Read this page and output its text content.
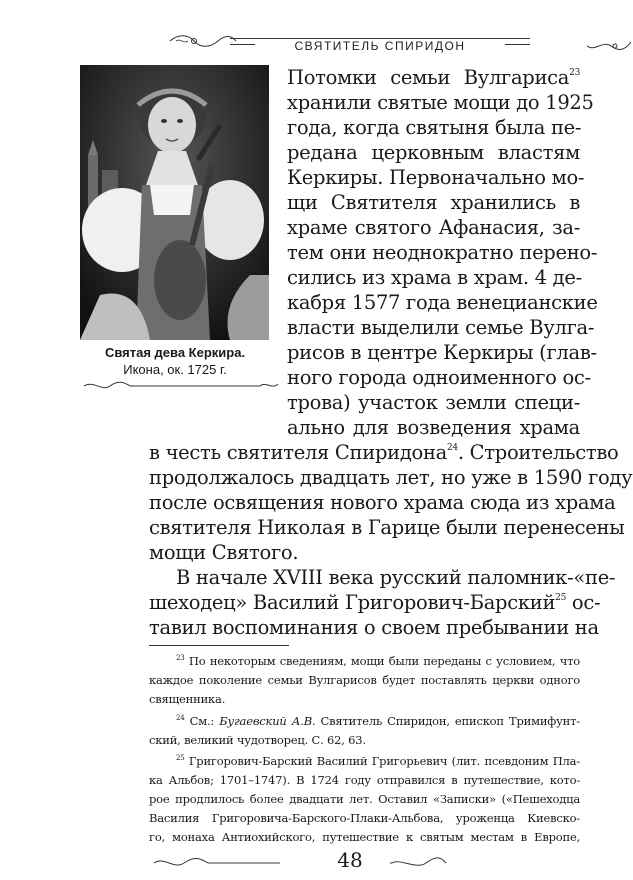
СВЯТИТЕЛЬ СПИРИДОН
Святая дева Керкира.
Икона, ок. 1725 г.
Потомки семьи Вулгариса$^{23}$
хранили святые мощи до 1925
года, когда святыня была пе-
редана церковным властям
Керкиры. Первоначально мо-
щи Святителя хранились в
храме святого Афанасия, за-
тем они неоднократно перено-
сились из храма в храм. 4 де-
кабря 1577 года венецианские
власти выделили семье Вулга-
рисов в центре Керкиры (глав-
ного города одноименного ос-
трова) участок земли специ-
ально для возведения храма
в честь святителя Спиридона$^{24}$. Строительство
продолжалось двадцать лет, но уже в 1590 году
после освящения нового храма сюда из храма
святителя Николая в Гарице были перенесены
мощи Святого.
В начале XVIII века русский паломник-«пе-
шеходец» Василий Григорович-Барский$^{25}$ ос-
тавил воспоминания о своем пребывании на
$^{23}$ По некоторым сведениям, мощи были переданы с условием, что
каждое поколение семьи Вулгарисов будет поставлять церкви одного
священника.
$^{24}$ См.: Бугаевский А.В. Святитель Спиридон, епископ Тримифунт-
ский, великий чудотворец. С. 62, 63.
$^{25}$ Григорович-Барский Василий Григорьевич (лит. псевдоним Пла-
ка Альбов; 1701–1747). В 1724 году отправился в путешествие, кото-
рое продлилось более двадцати лет. Оставил «Записки» («Пешеходца
Василия Григоровича-Барского-Плаки-Альбова, уроженца Киевско-
го, монаха Антиохийского, путешествие к святым местам в Европе,
48
